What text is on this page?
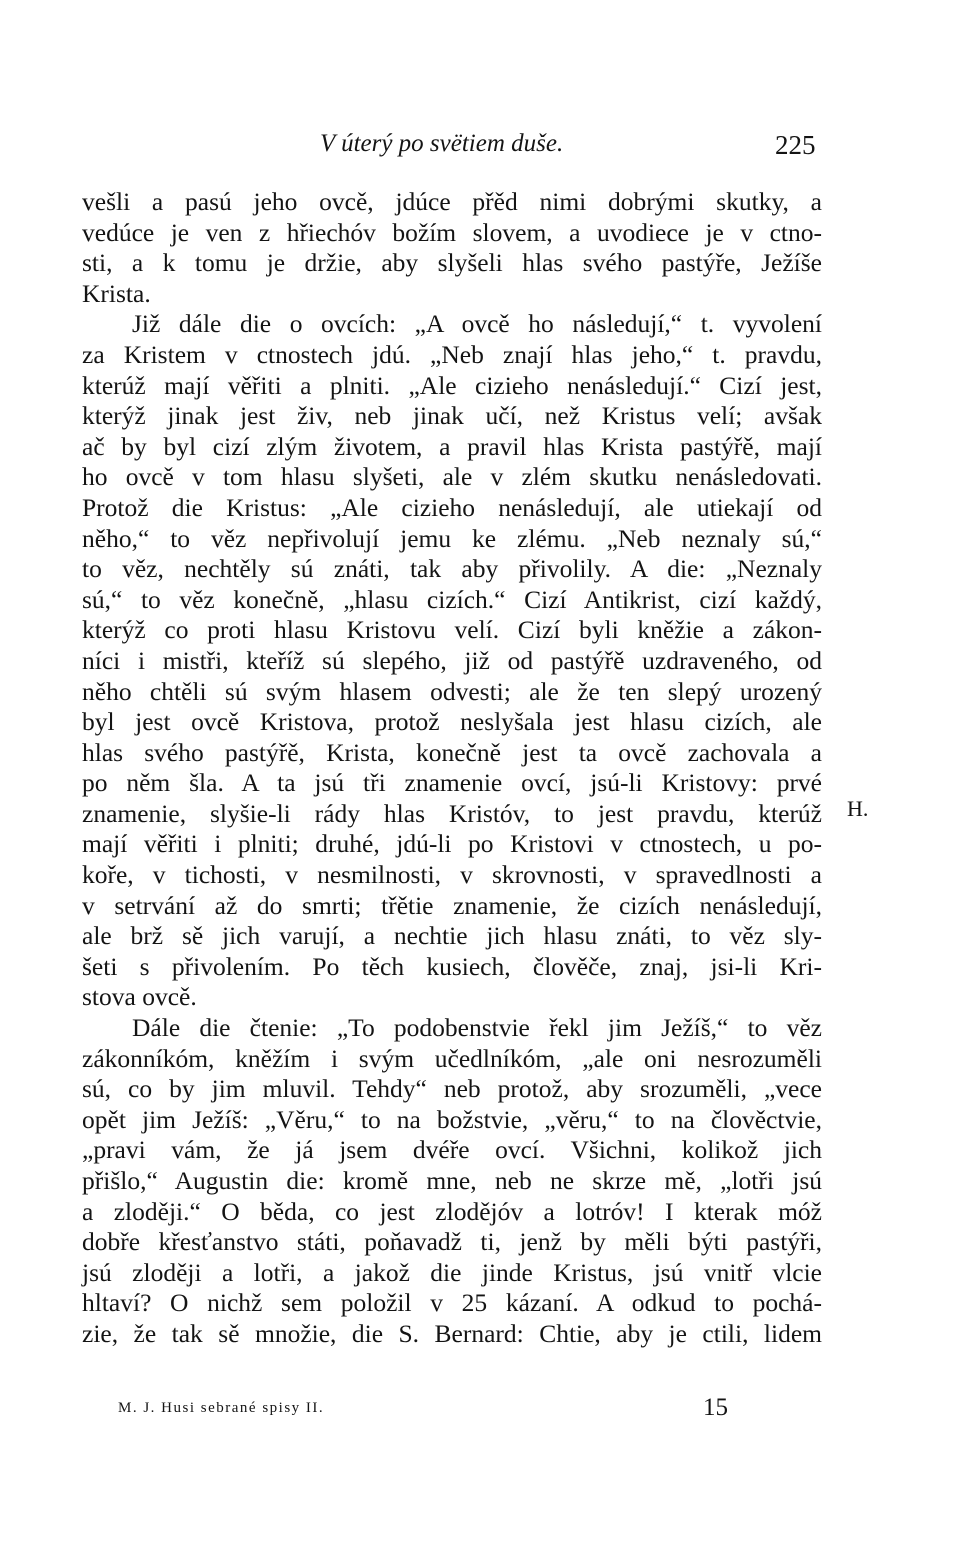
V úterý po svëtiem duše.	225
vešli a pasú jeho ovcě, jdúce přěd nimi dobrými skutky, a
vedúce je ven z hřiechóv božím slovem, a uvodiece je v ctno-
sti, a k tomu je držie, aby slyšeli hlas svého pastýře, Ježíše
Krista.
Již dále die o ovcích: „A ovcě ho následují,“ t. vyvolení
za Kristem v ctnostech jdú. „Neb znají hlas jeho,“ t. pravdu,
kterúž mají věřiti a plniti. „Ale cizieho nenásledují.“ Cizí jest,
kterýž jinak jest živ, neb jinak učí, než Kristus velí; avšak
ač by byl cizí zlým životem, a pravil hlas Krista pastýřě, mají
ho ovcě v tom hlasu slyšeti, ale v zlém skutku nenásledovati.
Protož die Kristus: „Ale cizieho nenásledují, ale utiekají od
něho,“ to věz nepřivolují jemu ke zlému. „Neb neznaly sú,“
to věz, nechtěly sú znáti, tak aby přivolily. A die: „Neznaly
sú,“ to věz konečně, „hlasu cizích.“ Cizí Antikrist, cizí každý,
kterýž co proti hlasu Kristovu velí. Cizí byli kněžie a zákon-
níci i mistři, kteříž sú slepého, již od pastýřě uzdraveného, od
něho chtěli sú svým hlasem odvesti; ale že ten slepý urozený
byl jest ovcě Kristova, protož neslyšala jest hlasu cizích, ale
hlas svého pastýřě, Krista, konečně jest ta ovcě zachovala a
po něm šla. A ta jsú tři znamenie ovcí, jsú-li Kristovy: prvé
znamenie, slyšie-li rády hlas Kristóv, to jest pravdu, kterúž
mají věřiti i plniti; druhé, jdú-li po Kristovi v ctnostech, u po-
koře, v tichosti, v nesmilnosti, v skrovnosti, v spravedlnosti a
v setrvání až do smrti; třětie znamenie, že cizích nenásledují,
ale brž sě jich varují, a nechtie jich hlasu znáti, to věz sly-
šeti s přivolením. Po těch kusiech, člověče, znaj, jsi-li Kri-
stova ovcě.
Dále die čtenie: „To podobenstvie řekl jim Ježíš,“ to věz
zákonníkóm, kněžím i svým učedlníkóm, „ale oni nesrozuměli
sú, co by jim mluvil. Tehdy“ neb protož, aby srozuměli, „vece
opět jim Ježíš: „Věru,“ to na božstvie, „věru,“ to na člověctvie,
„pravi vám, že já jsem dvéře ovcí. Všichni, kolikož jich
přišlo,“ Augustin die: kromě mne, neb ne skrze mě, „lotři jsú
a zloději.“ O běda, co jest zlodějóv a lotróv! I kterak móž
dobře křesťanstvo státi, poňavadž ti, jenž by měli býti pastýři,
jsú zloději a lotři, a jakož die jinde Kristus, jsú vnitř vlcie
hltaví? O nichž sem položil v 25 kázaní. A odkud to pochá-
zie, že tak sě množie, die S. Bernard: Chtie, aby je ctili, lidem
H.
M. J. Husi sebrané spisy II.	15
